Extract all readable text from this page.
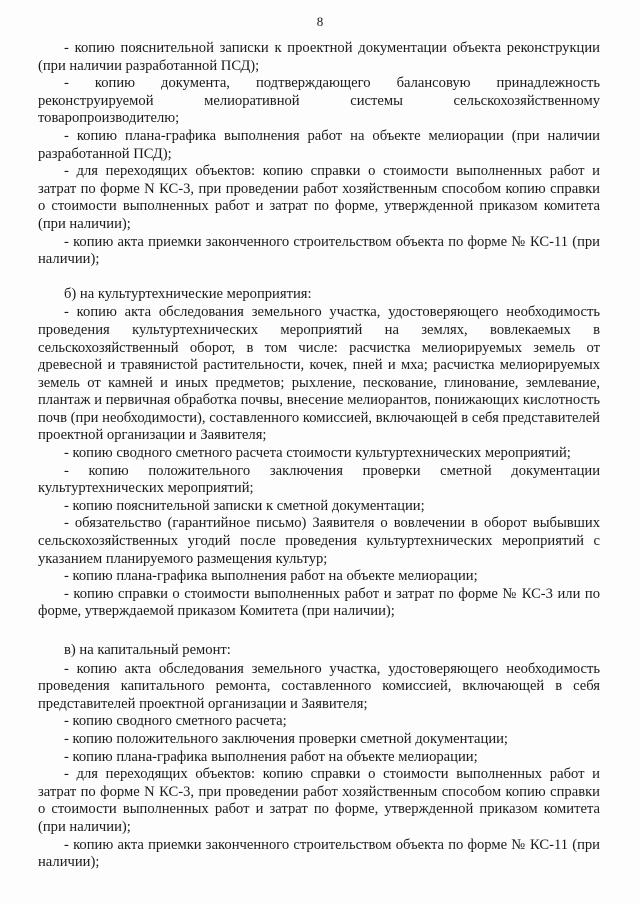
8

- копию пояснительной записки к проектной документации объекта реконструкции (при наличии разработанной ПСД);

- копию документа, подтверждающего балансовую принадлежность реконструируемой мелиоративной системы сельскохозяйственному товаропроизводителю;

- копию плана-графика выполнения работ на объекте мелиорации (при наличии разработанной ПСД);

- для переходящих объектов: копию справки о стоимости выполненных работ и затрат по форме N КС-3, при проведении работ хозяйственным способом копию справки о стоимости выполненных работ и затрат по форме, утвержденной приказом комитета (при наличии);

- копию акта приемки законченного строительством объекта по форме № КС-11 (при наличии);

б) на культуртехнические мероприятия:

- копию акта обследования земельного участка, удостоверяющего необходимость проведения культуртехнических мероприятий на землях, вовлекаемых в сельскохозяйственный оборот, в том числе: расчистка мелиорируемых земель от древесной и травянистой растительности, кочек, пней и мха; расчистка мелиорируемых земель от камней и иных предметов; рыхление, пескование, глинование, землевание, плантаж и первичная обработка почвы, внесение мелиорантов, понижающих кислотность почв (при необходимости), составленного комиссией, включающей в себя представителей проектной организации и Заявителя;

- копию сводного сметного расчета стоимости культуртехнических мероприятий;

- копию положительного заключения проверки сметной документации культуртехнических мероприятий;

- копию пояснительной записки к сметной документации;

- обязательство (гарантийное письмо) Заявителя о вовлечении в оборот выбывших сельскохозяйственных угодий после проведения культуртехнических мероприятий с указанием планируемого размещения культур;

- копию плана-графика выполнения работ на объекте мелиорации;

- копию справки о стоимости выполненных работ и затрат по форме № КС-3 или по форме, утверждаемой приказом Комитета (при наличии);

в) на капитальный ремонт:

- копию акта обследования земельного участка, удостоверяющего необходимость проведения капитального ремонта, составленного комиссией, включающей в себя представителей проектной организации и Заявителя;

- копию сводного сметного расчета;

- копию положительного заключения проверки сметной документации;

- копию плана-графика выполнения работ на объекте мелиорации;

- для переходящих объектов: копию справки о стоимости выполненных работ и затрат по форме N КС-3, при проведении работ хозяйственным способом копию справки о стоимости выполненных работ и затрат по форме, утвержденной приказом комитета (при наличии);

- копию акта приемки законченного строительством объекта по форме № КС-11 (при наличии);
